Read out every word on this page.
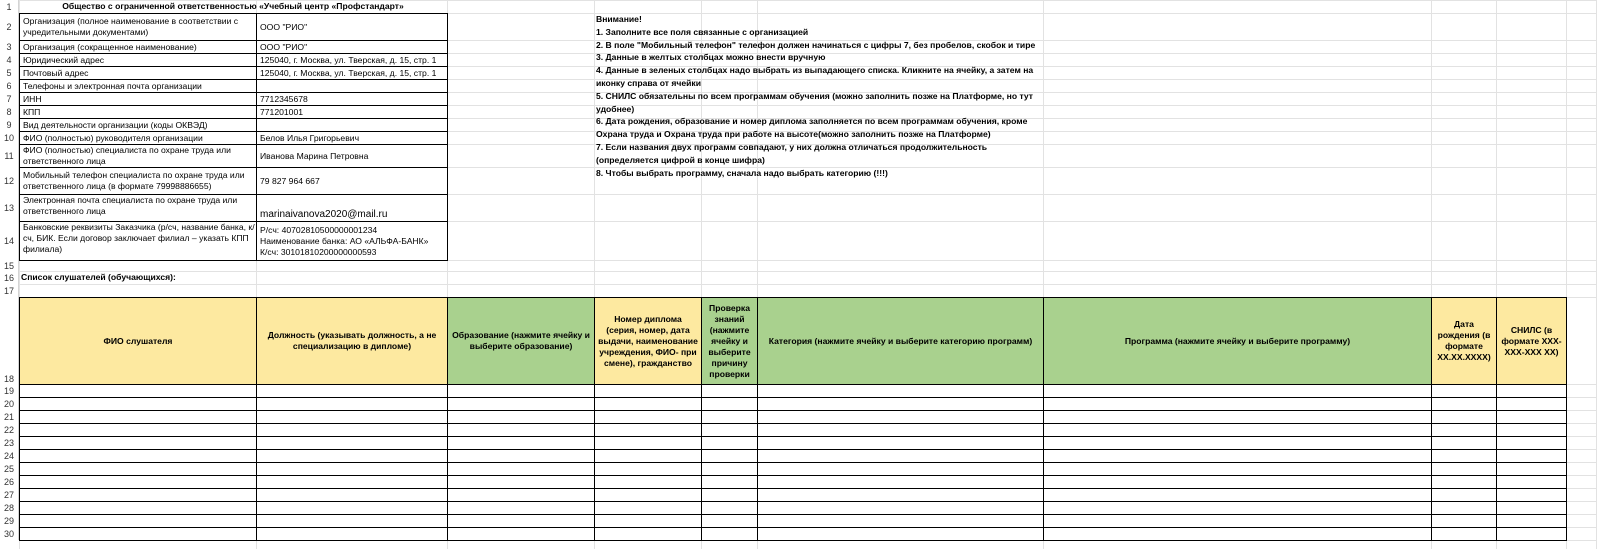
1
2
3
4
5
6
7
8
9
10
11
12
13
14
15
16
17
18
19
20
21
22
23
24
25
26
27
28
29
30
Общество с ограниченной ответственностью «Учебный центр «Профстандарт»
Организация (полное наименование в соответствии с учредительными документами)
ООО "РИО"
Организация (сокращенное наименование)	ООО "РИО"
Юридический адрес	125040, г. Москва, ул. Тверская, д. 15, стр. 1
Почтовый адрес	125040, г. Москва, ул. Тверская, д. 15, стр. 1
Телефоны и электронная почта организации
ИНН	7712345678
КПП	771201001
Вид деятельности организации (коды ОКВЭД)
ФИО (полностью) руководителя организации	Белов Илья Григорьевич
ФИО (полностью) специалиста по охране труда или ответственного лица
Иванова Марина Петровна
Мобильный телефон специалиста по охране труда или ответственного лица (в формате 79998886655)
79 827 964 667
Электронная почта специалиста по охране труда или ответственного лица	marinaivanova2020@mail.ru
Банковские реквизиты Заказчика (р/сч, название банка, к/сч, БИК. Если договор заключает филиал – указать КПП филиала)
Р/сч: 40702810500000001234
Наименование банка: АО «АЛЬФА-БАНК»
К/сч: 30101810200000000593
Внимание!
1. Заполните все поля связанные с организацией
2. В поле "Мобильный телефон" телефон должен начинаться с цифры 7, без пробелов, скобок и тире
3. Данные в желтых столбцах можно внести вручную
4. Данные в зеленых столбцах надо выбрать из выпадающего списка. Кликните на ячейку, а затем на иконку справа от ячейки
5. СНИЛС обязательны по всем программам обучения (можно заполнить позже на Платформе, но тут удобнее)
6. Дата рождения, образование и номер диплома заполняется по всем программам обучения, кроме Охрана труда и Охрана труда при работе на высоте(можно заполнить позже на Платформе)
7. Если названия двух программ совпадают, у них должна отличаться продолжительность (определяется цифрой в конце шифра)
8. Чтобы выбрать программу, сначала надо выбрать категорию (!!!)
Список слушателей (обучающихся):
ФИО слушателя
Должность (указывать должность, а не специализацию в дипломе)
Образование (нажмите ячейку и выберите образование)
Номер диплома (серия, номер, дата выдачи, наименование учреждения, ФИО- при смене), гражданство
Проверка знаний (нажмите ячейку и выберите причину проверки
Категория (нажмите ячейку и выберите категорию программ)	Программа (нажмите ячейку и выберите программу)
Дата рождения (в формате ХХ.ХХ.ХХХХ)
СНИЛС (в формате ХХХ-ХХХ-ХХХ ХХ)
